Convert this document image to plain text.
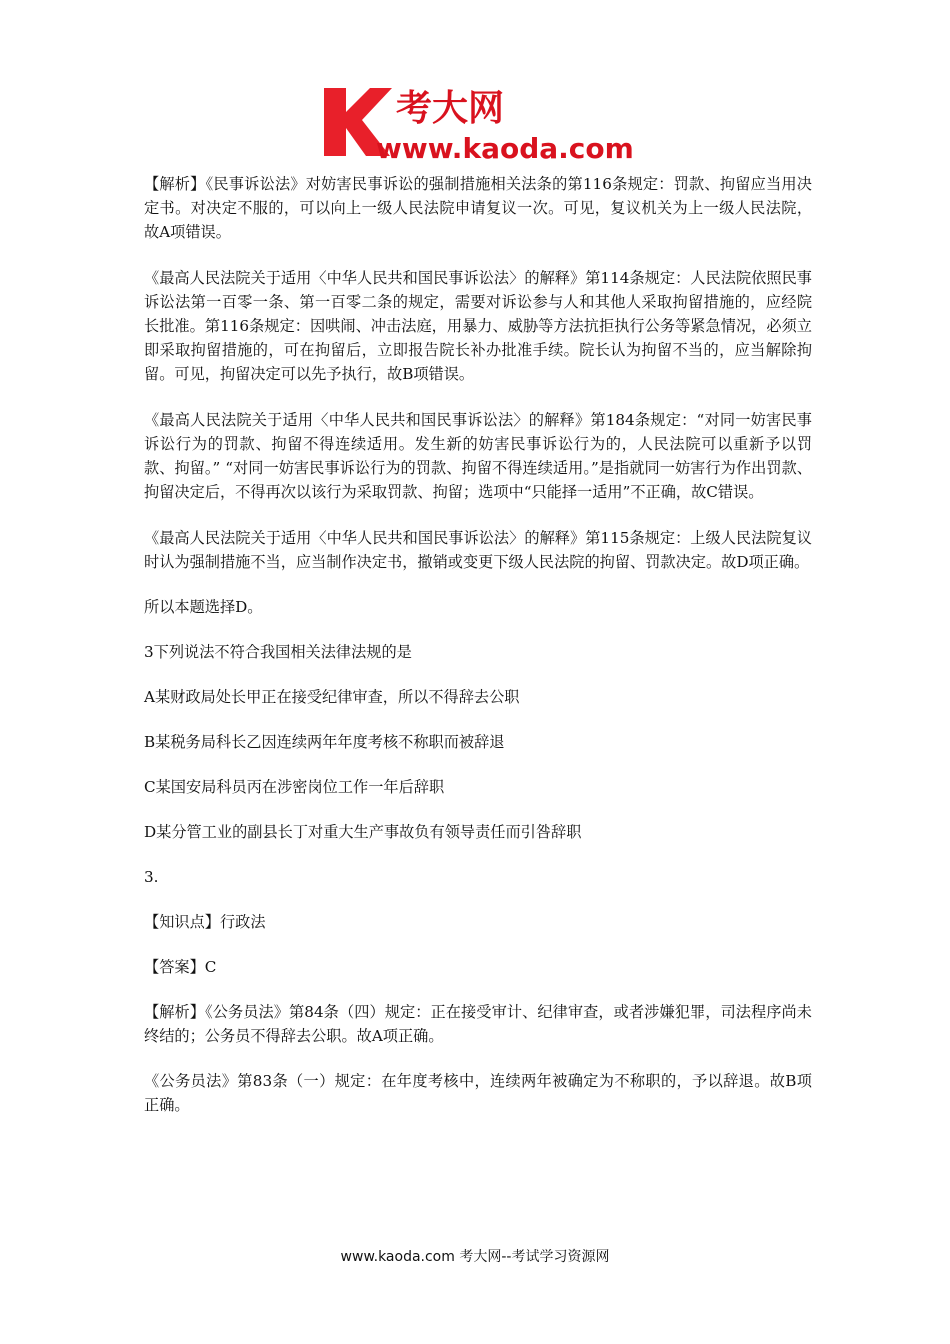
考大网
www.kaoda.com

【解析】《民事诉讼法》对妨害民事诉讼的强制措施相关法条的第116条规定：罚款、拘留应当用决定书。对决定不服的，可以向上一级人民法院申请复议一次。可见，复议机关为上一级人民法院，故A项错误。

《最高人民法院关于适用〈中华人民共和国民事诉讼法〉的解释》第114条规定：人民法院依照民事诉讼法第一百零一条、第一百零二条的规定，需要对诉讼参与人和其他人采取拘留措施的，应经院长批准。第116条规定：因哄闹、冲击法庭，用暴力、威胁等方法抗拒执行公务等紧急情况，必须立即采取拘留措施的，可在拘留后，立即报告院长补办批准手续。院长认为拘留不当的，应当解除拘留。可见，拘留决定可以先予执行，故B项错误。

《最高人民法院关于适用〈中华人民共和国民事诉讼法〉的解释》第184条规定：“对同一妨害民事诉讼行为的罚款、拘留不得连续适用。发生新的妨害民事诉讼行为的，人民法院可以重新予以罚款、拘留。” “对同一妨害民事诉讼行为的罚款、拘留不得连续适用。”是指就同一妨害行为作出罚款、拘留决定后，不得再次以该行为采取罚款、拘留；选项中“只能择一适用”不正确，故C错误。

《最高人民法院关于适用〈中华人民共和国民事诉讼法〉的解释》第115条规定：上级人民法院复议时认为强制措施不当，应当制作决定书，撤销或变更下级人民法院的拘留、罚款决定。故D项正确。

所以本题选择D。

3下列说法不符合我国相关法律法规的是

A某财政局处长甲正在接受纪律审查，所以不得辞去公职

B某税务局科长乙因连续两年年度考核不称职而被辞退

C某国安局科员丙在涉密岗位工作一年后辞职

D某分管工业的副县长丁对重大生产事故负有领导责任而引咎辞职

3.

【知识点】行政法

【答案】C

【解析】《公务员法》第84条（四）规定：正在接受审计、纪律审查，或者涉嫌犯罪，司法程序尚未终结的；公务员不得辞去公职。故A项正确。

《公务员法》第83条（一）规定：在年度考核中，连续两年被确定为不称职的，予以辞退。故B项正确。

www.kaoda.com 考大网--考试学习资源网
